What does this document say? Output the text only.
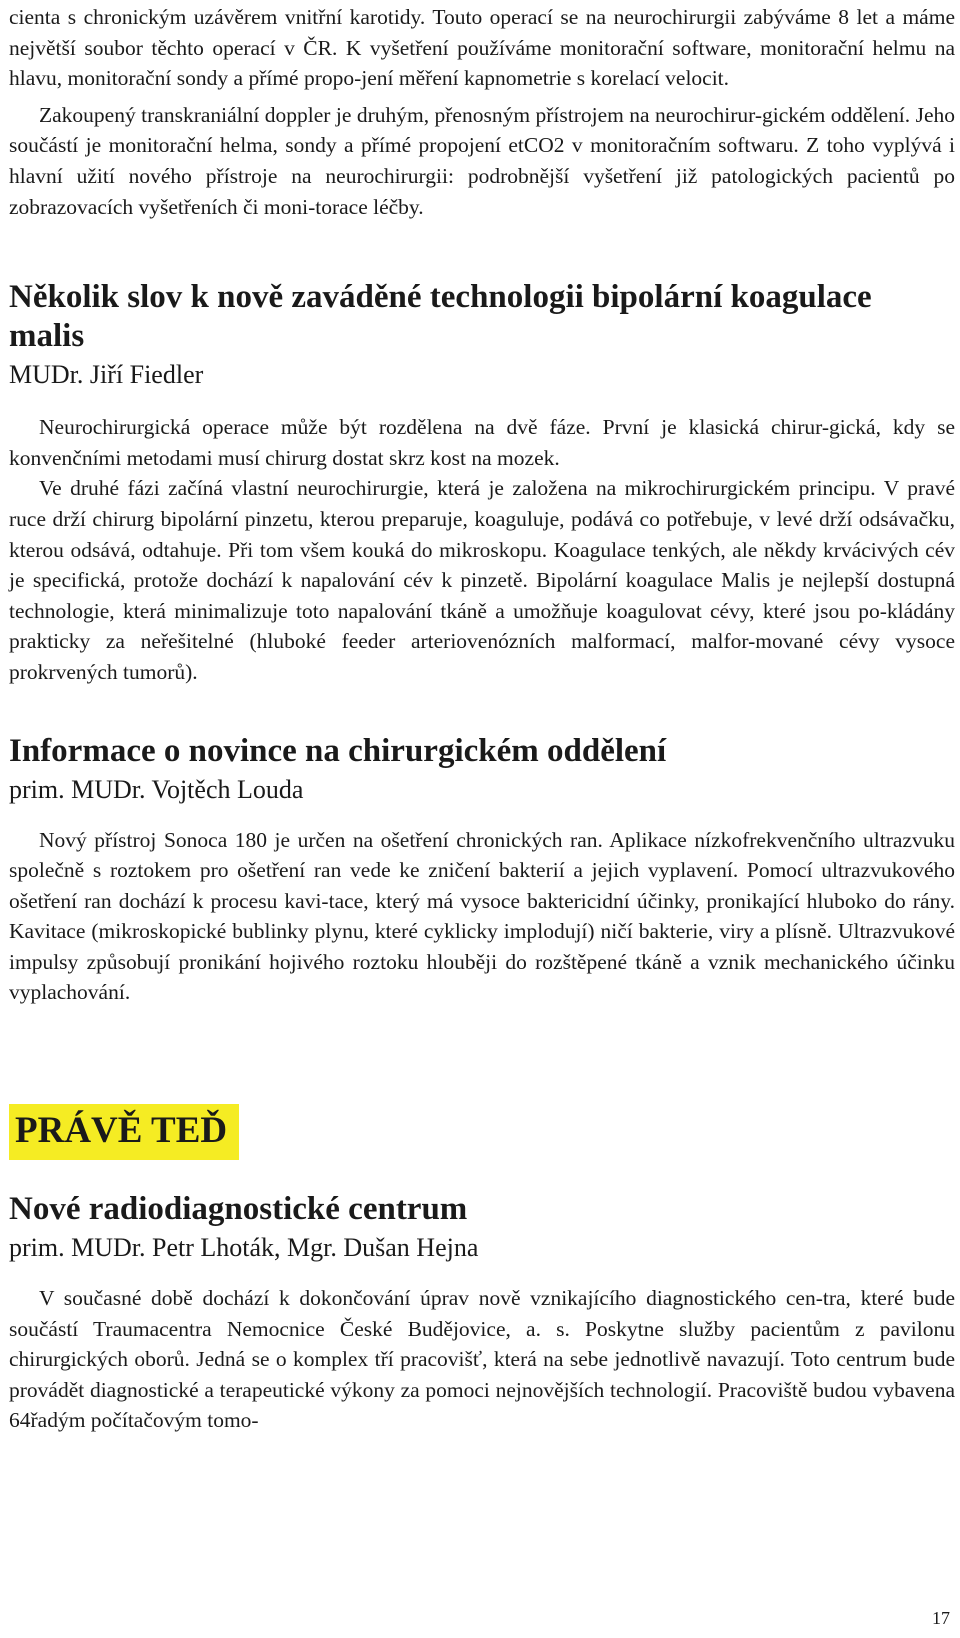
cienta s chronickým uzávěrem vnitřní karotidy. Touto operací se na neurochirurgii zabýváme 8 let a máme největší soubor těchto operací v ČR. K vyšetření používáme monitorační software, monitorační helmu na hlavu, monitorační sondy a přímé propo-jení měření kapnometrie s korelací velocit.

Zakoupený transkraniální doppler je druhým, přenosným přístrojem na neurochirur-gickém oddělení. Jeho součástí je monitorační helma, sondy a přímé propojení etCO2 v monitoračním softwaru. Z toho vyplývá i hlavní užití nového přístroje na neurochirurgii: podrobnější vyšetření již patologických pacientů po zobrazovacích vyšetřeních či moni-torace léčby.

Několik slov k nově zaváděné technologii bipolární koagulace malis
MUDr. Jiří Fiedler

Neurochirurgická operace může být rozdělena na dvě fáze. První je klasická chirur-gická, kdy se konvenčními metodami musí chirurg dostat skrz kost na mozek.

Ve druhé fázi začíná vlastní neurochirurgie, která je založena na mikrochirurgickém principu. V pravé ruce drží chirurg bipolární pinzetu, kterou preparuje, koaguluje, podává co potřebuje, v levé drží odsávačku, kterou odsává, odtahuje. Při tom všem kouká do mikroskopu. Koagulace tenkých, ale někdy krvácivých cév je specifická, protože dochází k napalování cév k pinzetě. Bipolární koagulace Malis je nejlepší dostupná technologie, která minimalizuje toto napalování tkáně a umožňuje koagulovat cévy, které jsou po-kládány prakticky za neřešitelné (hluboké feeder arteriovenózních malformací, malfor-mované cévy vysoce prokrvených tumorů).

Informace o novince na chirurgickém oddělení
prim. MUDr. Vojtěch Louda

Nový přístroj Sonoca 180 je určen na ošetření chronických ran. Aplikace nízkofrekvenčního ultrazvuku společně s roztokem pro ošetření ran vede ke zničení bakterií a jejich vyplavení. Pomocí ultrazvukového ošetření ran dochází k procesu kavi-tace, který má vysoce baktericidní účinky, pronikající hluboko do rány. Kavitace (mikroskopické bublinky plynu, které cyklicky implodují) ničí bakterie, viry a plísně. Ultrazvukové impulsy způsobují pronikání hojivého roztoku hlouběji do rozštěpené tkáně a vznik mechanického účinku vyplachování.

PRÁVĚ TEĎ
Nové radiodiagnostické centrum
prim. MUDr. Petr Lhoták, Mgr. Dušan Hejna

V současné době dochází k dokončování úprav nově vznikajícího diagnostického cen-tra, které bude součástí Traumacentra Nemocnice České Budějovice, a. s. Poskytne služby pacientům z pavilonu chirurgických oborů. Jedná se o komplex tří pracovišť, která na sebe jednotlivě navazují. Toto centrum bude provádět diagnostické a terapeutické výkony za pomoci nejnovějších technologií. Pracoviště budou vybavena 64řadým počítačovým tomo-

17
